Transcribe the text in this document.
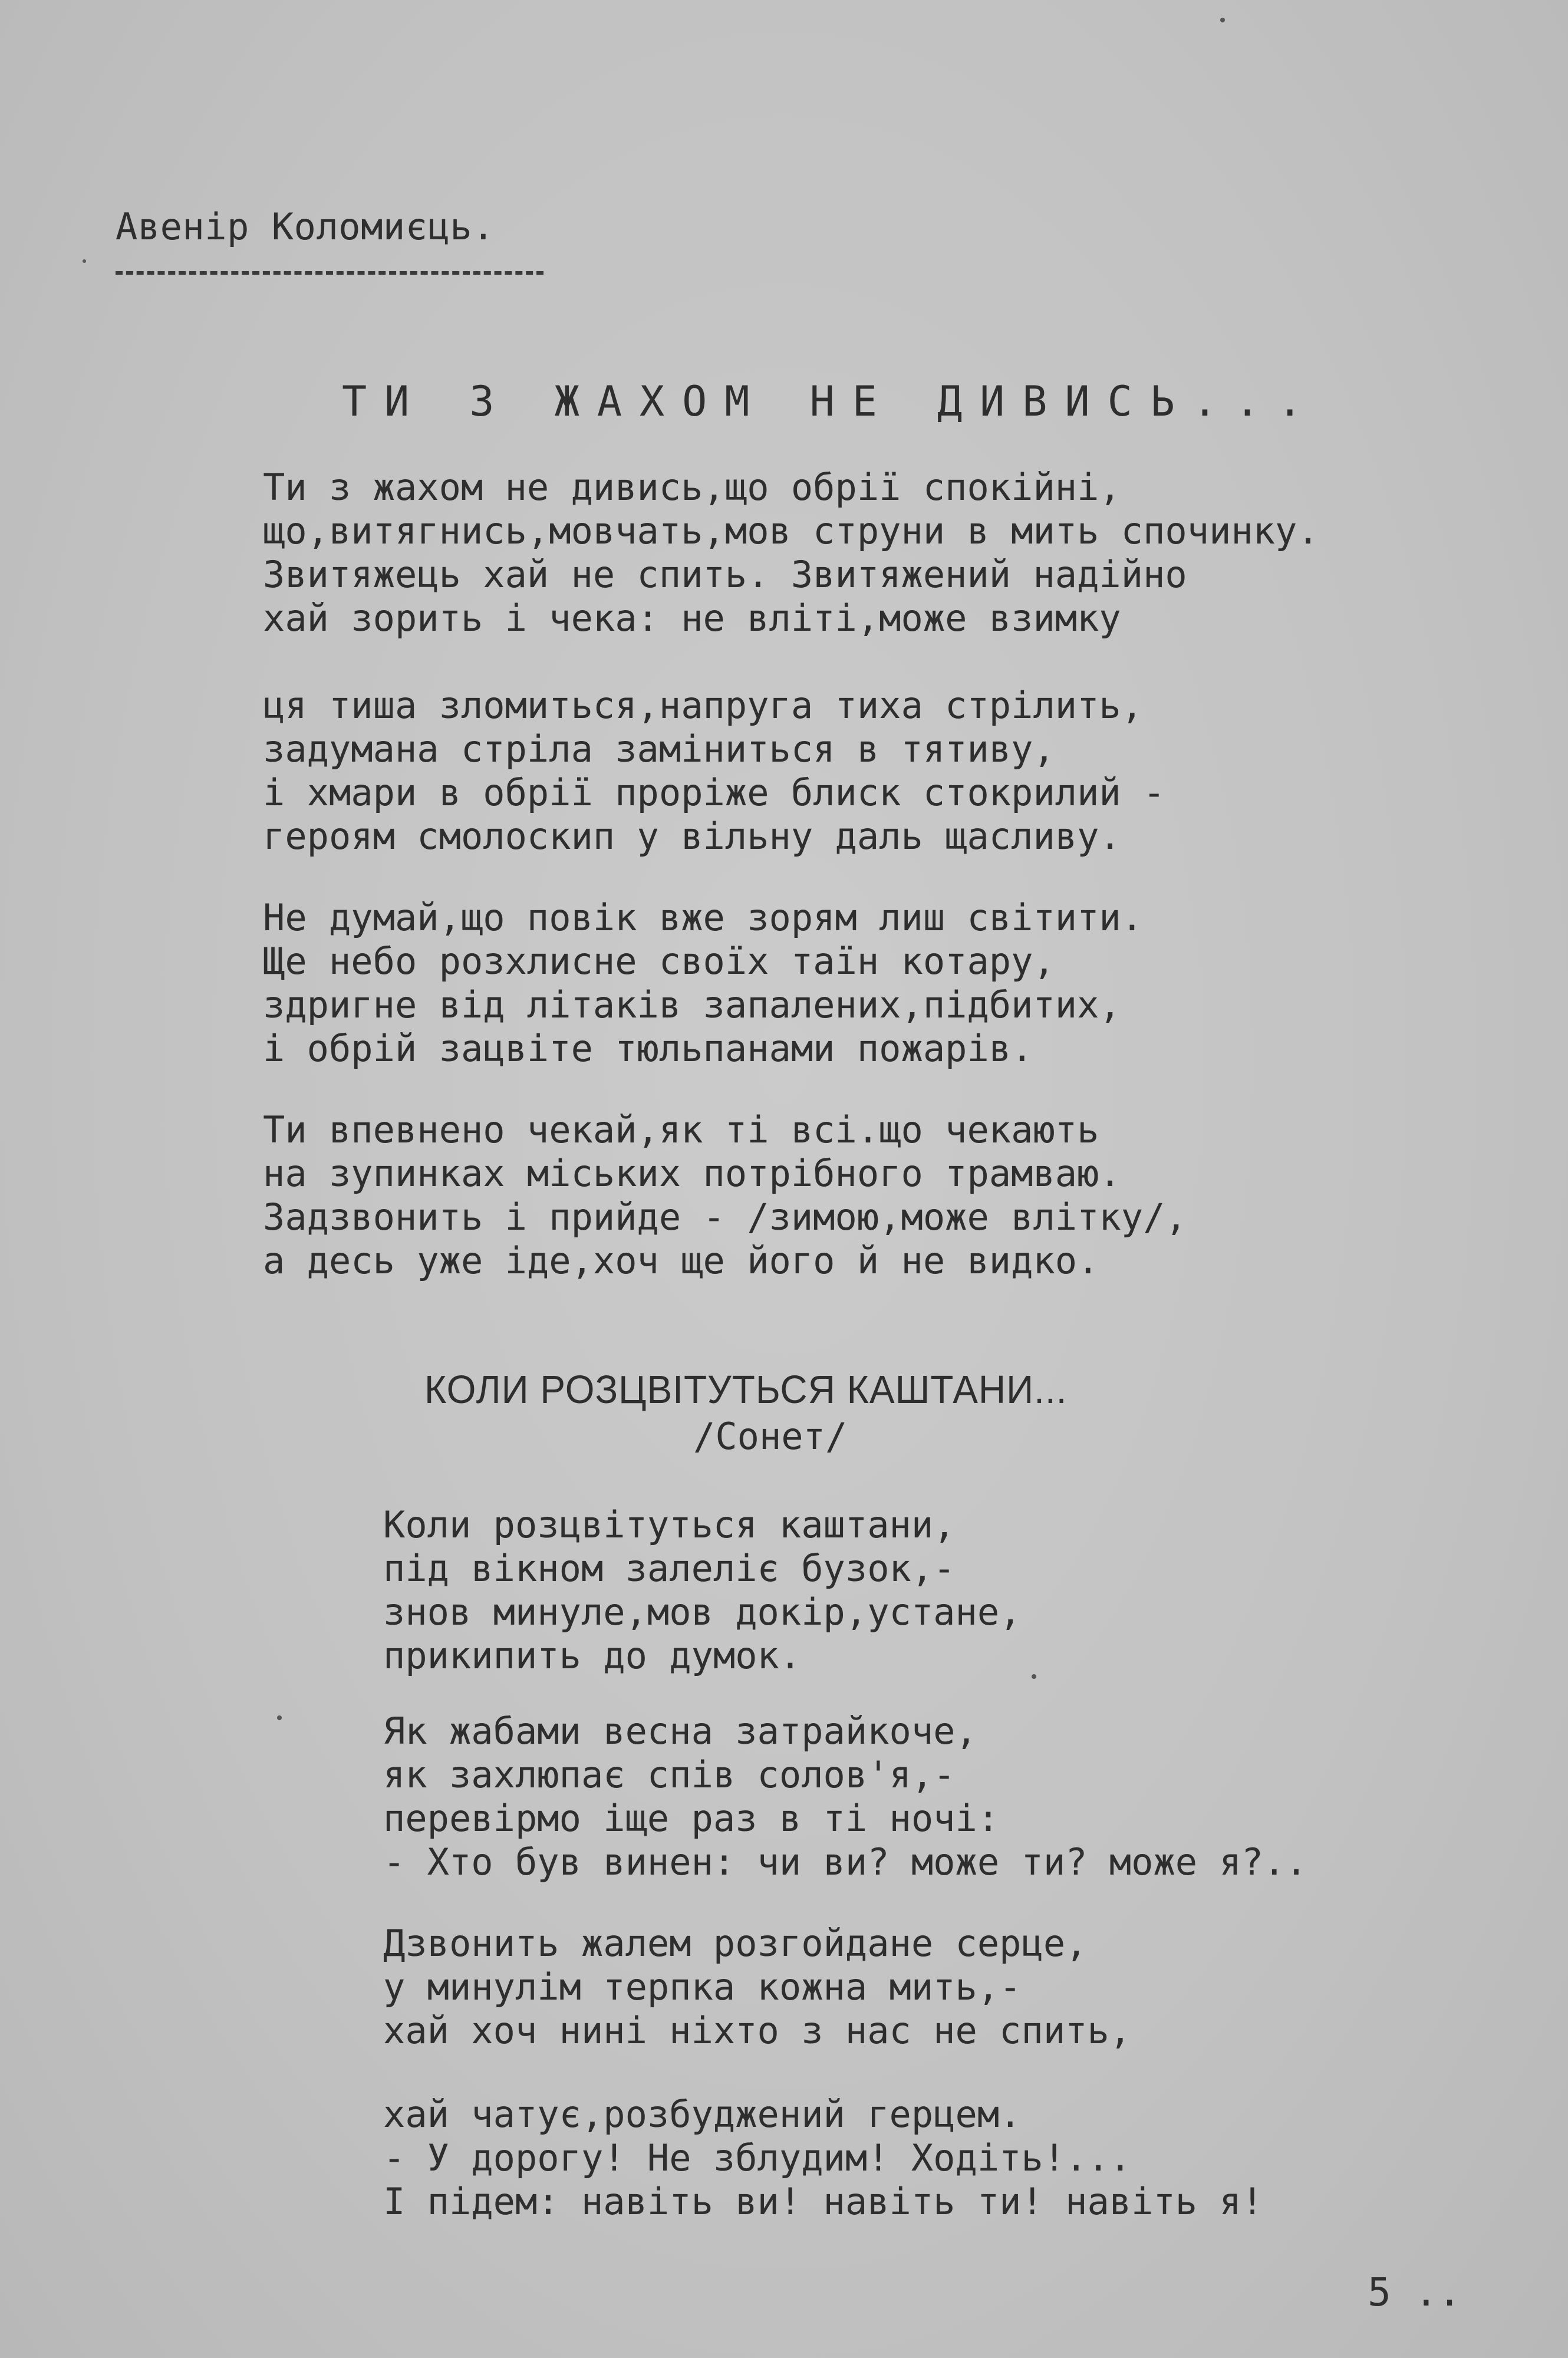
Авенір Коломиєць.
ТИ З ЖАХОМ НЕ ДИВИСЬ...
Ти з жахом не дивись,що обрії спокійні,
що,витягнись,мовчать,мов струни в мить спочинку.
Звитяжець хай не спить. Звитяжений надійно
хай зорить і чека: не влiтi,може взимку
ця тиша зломиться,напруга тиха стрiлить,
задумана стрiла замiниться в тятиву,
i хмари в обрiї прорiже блиск стокрилий -
героям смолоскип у вiльну даль щасливу.
Не думай,що повiк вже зорям лиш свiтити.
Ще небо розхлисне своїх таїн котару,
здригне вiд лiтакiв запалених,пiдбитих,
i обрiй зацвiте тюльпанами пожарiв.
Ти впевнено чекай,як тi всi.що чекають
на зупинках мiських потрiбного трамваю.
Задзвонить i прийде - /зимою,може влiтку/,
а десь уже iде,хоч ще його й не видко.
КОЛИ РОЗЦВІТУТЬСЯ КАШТАНИ...
/Сонет/
Коли розцвiтуться каштани,
пiд вiкном залелiє бузок,-
знов минуле,мов докiр,устане,
прикипить до думок.
Як жабами весна затрайкоче,
як захлюпає спiв солов'я,-
перевiрмо iще раз в тi ночi:
- Хто був винен: чи ви? може ти? може я?..
Дзвонить жалем розгойдане серце,
у минулiм терпка кожна мить,-
хай хоч нинi нiхто з нас не спить,
хай чатує,розбуджений герцем.
- У дорогу! Не зблудим! Ходiть!...
I пiдем: навiть ви! навiть ти! навiть я!
5 ..
